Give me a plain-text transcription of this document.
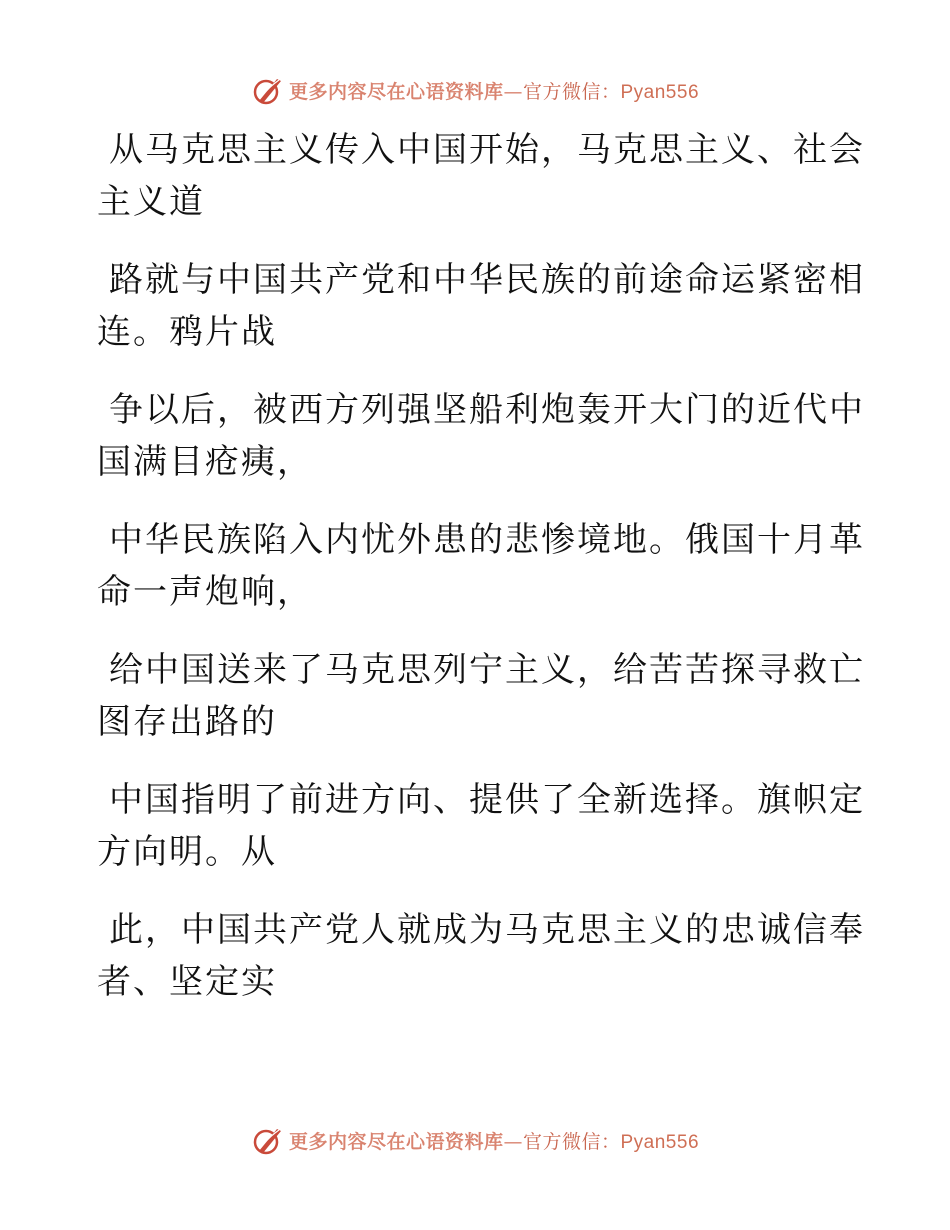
更多内容尽在心语资料库—官方微信：Pyan556

从马克思主义传入中国开始，马克思主义、社会
主义道

路就与中国共产党和中华民族的前途命运紧密相
连。鸦片战

争以后，被西方列强坚船利炮轰开大门的近代中
国满目疮痍，

中华民族陷入内忧外患的悲惨境地。俄国十月革
命一声炮响，

给中国送来了马克思列宁主义，给苦苦探寻救亡
图存出路的

中国指明了前进方向、提供了全新选择。旗帜定
方向明。从

此，中国共产党人就成为马克思主义的忠诚信奉
者、坚定实

更多内容尽在心语资料库—官方微信：Pyan556
